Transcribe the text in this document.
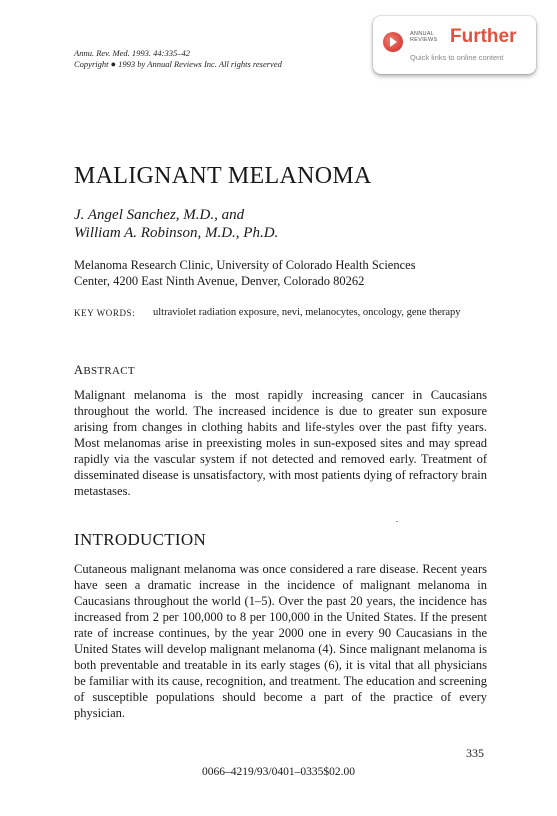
Annu. Rev. Med. 1993. 44:335–42
Copyright ● 1993 by Annual Reviews Inc. All rights reserved
ANNUAL
REVIEWS Further
Quick links to online content
MALIGNANT MELANOMA
J. Angel Sanchez, M.D., and
William A. Robinson, M.D., Ph.D.
Melanoma Research Clinic, University of Colorado Health Sciences
Center, 4200 East Ninth Avenue, Denver, Colorado 80262
KEY WORDS: ultraviolet radiation exposure, nevi, melanocytes, oncology, gene therapy
ABSTRACT
Malignant melanoma is the most rapidly increasing cancer in Caucasians throughout the world. The increased incidence is due to greater sun exposure arising from changes in clothing habits and life-styles over the past fifty years. Most melanomas arise in preexisting moles in sun-exposed sites and may spread rapidly via the vascular system if not detected and removed early. Treatment of disseminated disease is unsatisfactory, with most patients dying of refractory brain metastases.
INTRODUCTION
Cutaneous malignant melanoma was once considered a rare disease. Recent years have seen a dramatic increase in the incidence of malignant melanoma in Caucasians throughout the world (1–5). Over the past 20 years, the incidence has increased from 2 per 100,000 to 8 per 100,000 in the United States. If the present rate of increase continues, by the year 2000 one in every 90 Caucasians in the United States will develop malignant melanoma (4). Since malignant melanoma is both preventable and treatable in its early stages (6), it is vital that all physicians be familiar with its cause, recognition, and treatment. The education and screening of susceptible populations should become a part of the practice of every physician.
335
0066–4219/93/0401–0335$02.00
